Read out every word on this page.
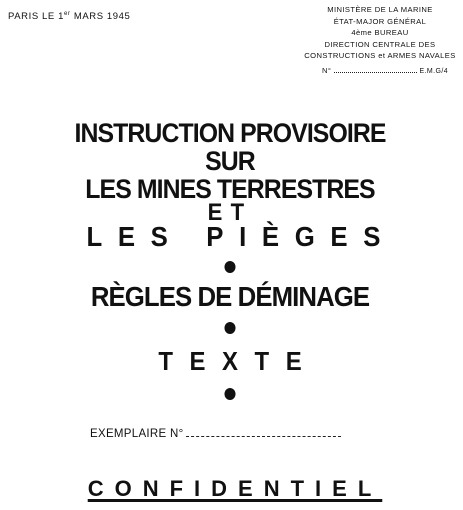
PARIS LE 1er MARS 1945
MINISTÈRE DE LA MARINE
ÉTAT-MAJOR GÉNÉRAL
4ème BUREAU
DIRECTION CENTRALE DES
CONSTRUCTIONS et ARMES NAVALES
N°	E.M.G/4
INSTRUCTION PROVISOIRE
SUR
LES MINES TERRESTRES
ET
LES PIÈGES
RÈGLES DE DÉMINAGE
TEXTE
EXEMPLAIRE N°
CONFIDENTIEL
